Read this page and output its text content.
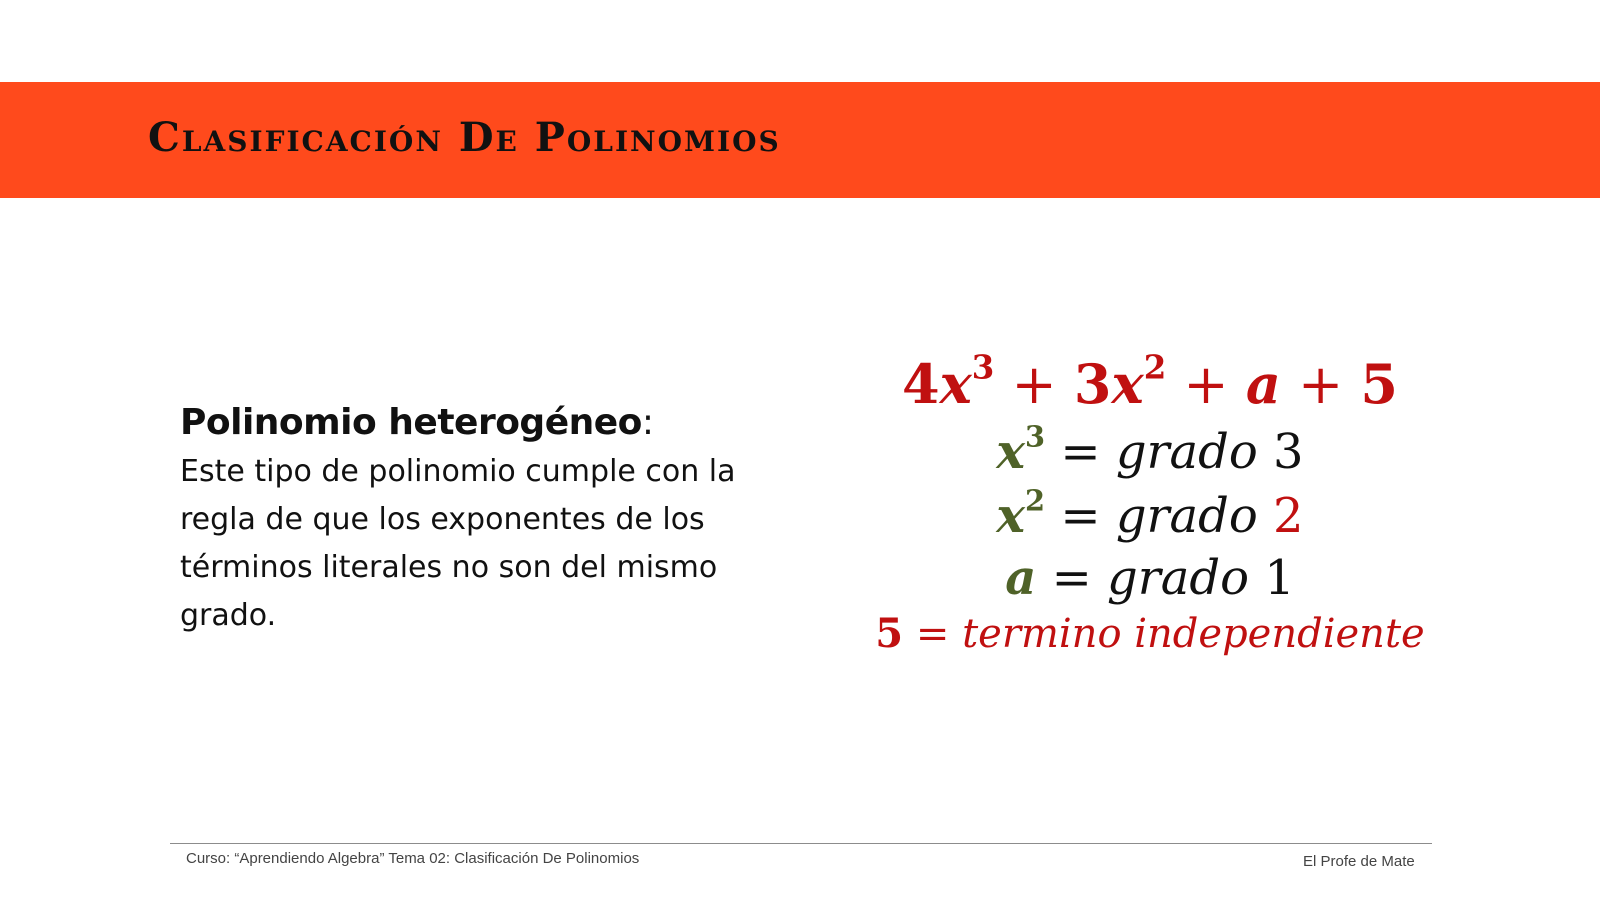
Clasificación De Polinomios
Polinomio heterogéneo:
Este tipo de polinomio cumple con la regla de que los exponentes de los términos literales no son del mismo grado.
$4x^3 + 3x^2 + a + 5$
$x^3$ = grado 3
$x^2$ = grado 2
a = grado 1
5 = termino independiente
Curso: “Aprendiendo Algebra” Tema 02: Clasificación De Polinomios	El Profe de Mate
